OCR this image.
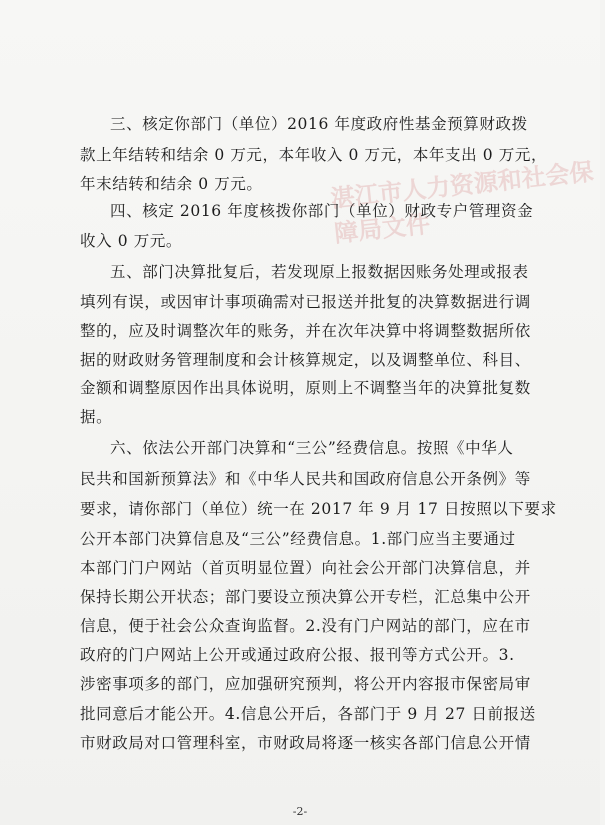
湛江市人力资源和社会保障局文件
三、核定你部门（单位）2016 年度政府性基金预算财政拨
款上年结转和结余 0 万元，本年收入 0 万元，本年支出 0 万元，
年末结转和结余 0 万元。
四、核定 2016 年度核拨你部门（单位）财政专户管理资金
收入 0 万元。
五、部门决算批复后，若发现原上报数据因账务处理或报表
填列有误，或因审计事项确需对已报送并批复的决算数据进行调
整的，应及时调整次年的账务，并在次年决算中将调整数据所依
据的财政财务管理制度和会计核算规定，以及调整单位、科目、
金额和调整原因作出具体说明，原则上不调整当年的决算批复数
据。
六、依法公开部门决算和“三公”经费信息。按照《中华人
民共和国新预算法》和《中华人民共和国政府信息公开条例》等
要求，请你部门（单位）统一在 2017 年 9 月 17 日按照以下要求
公开本部门决算信息及“三公”经费信息。1.部门应当主要通过
本部门门户网站（首页明显位置）向社会公开部门决算信息，并
保持长期公开状态；部门要设立预决算公开专栏，汇总集中公开
信息，便于社会公众查询监督。2.没有门户网站的部门，应在市
政府的门户网站上公开或通过政府公报、报刊等方式公开。3.
涉密事项多的部门，应加强研究预判，将公开内容报市保密局审
批同意后才能公开。4.信息公开后，各部门于 9 月 27 日前报送
市财政局对口管理科室，市财政局将逐一核实各部门信息公开情
-2-
